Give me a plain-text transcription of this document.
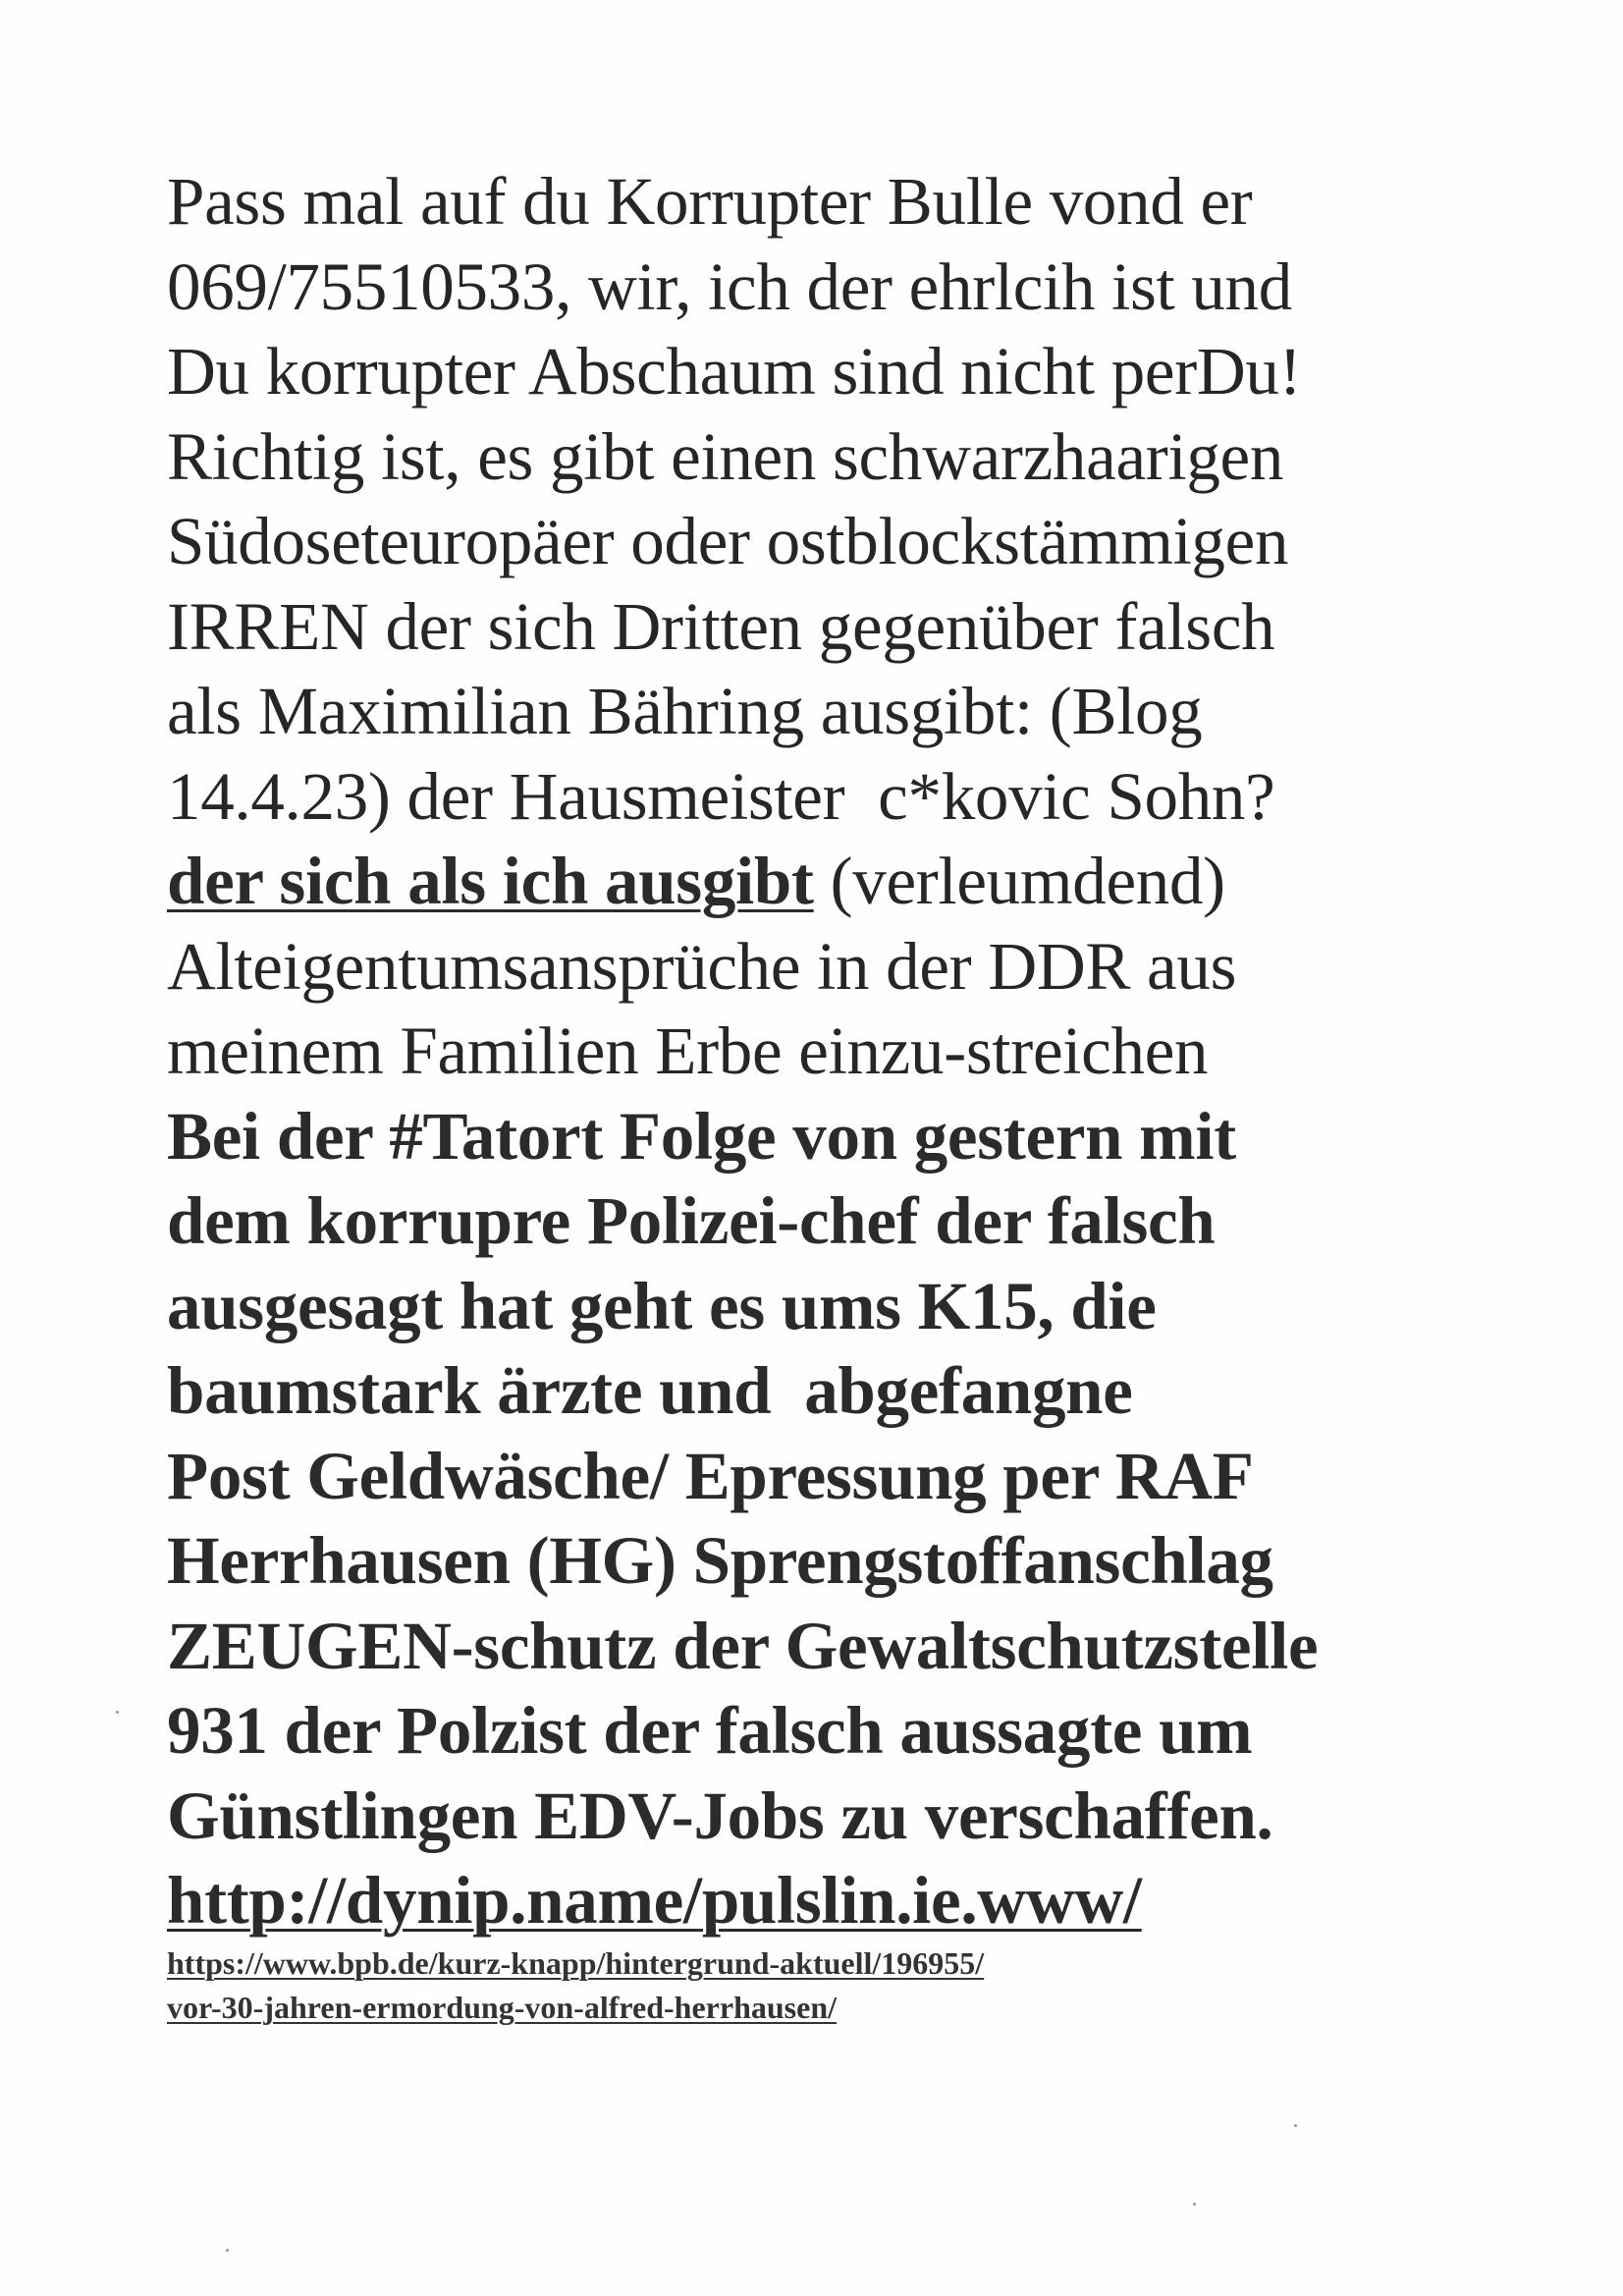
Pass mal auf du Korrupter Bulle vond er
069/75510533, wir, ich der ehrlcih ist und
Du korrupter Abschaum sind nicht perDu!
Richtig ist, es gibt einen schwarzhaarigen
Südoseteuropäer oder ostblockstämmigen
IRREN der sich Dritten gegenüber falsch
als Maximilian Bähring ausgibt: (Blog
14.4.23) der Hausmeister  c*kovic Sohn?
der sich als ich ausgibt (verleumdend)
Alteigentumsansprüche in der DDR aus
meinem Familien Erbe einzu-streichen
Bei der #Tatort Folge von gestern mit
dem korrupre Polizei-chef der falsch
ausgesagt hat geht es ums K15, die
baumstark ärzte und  abgefangne
Post Geldwäsche/ Epressung per RAF
Herrhausen (HG) Sprengstoffanschlag
ZEUGEN-schutz der Gewaltschutzstelle
931 der Polzist der falsch aussagte um
Günstlingen EDV-Jobs zu verschaffen.
http://dynip.name/pulslin.ie.www/
https://www.bpb.de/kurz-knapp/hintergrund-aktuell/196955/
vor-30-jahren-ermordung-von-alfred-herrhausen/
